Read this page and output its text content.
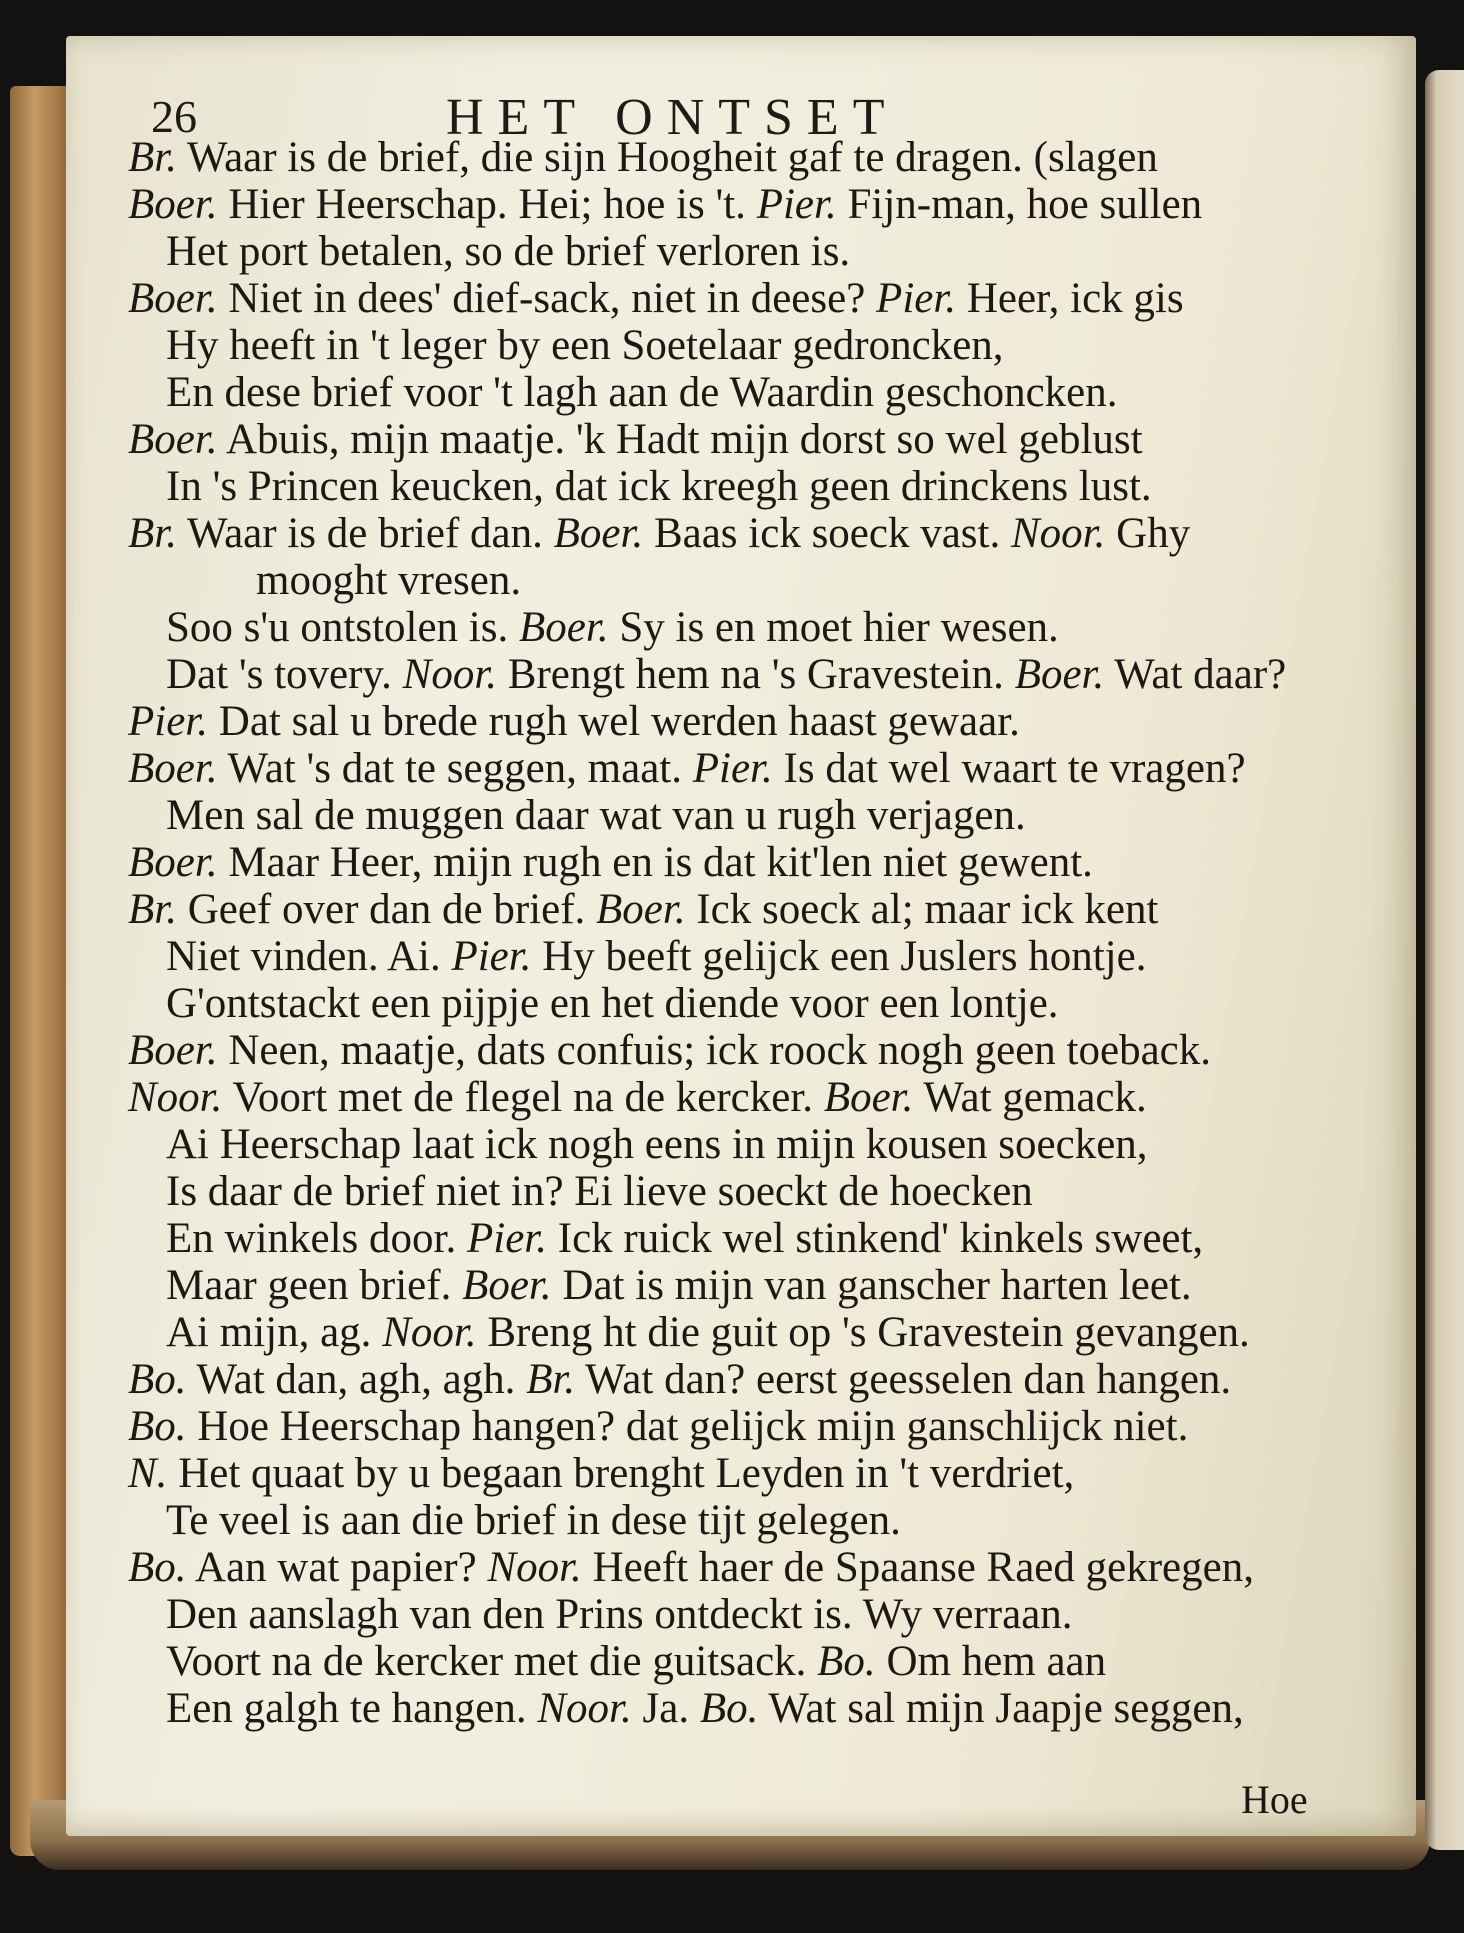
26	HET ONTSET
Br. Waar is de brief, die sijn Hoogheit gaf te dragen. (slagen
Boer. Hier Heerschap. Hei; hoe is 't. Pier. Fijn-man, hoe sullen
Het port betalen, so de brief verloren is.
Boer. Niet in dees' dief-sack, niet in deese? Pier. Heer, ick gis
Hy heeft in 't leger by een Soetelaar gedroncken,
En dese brief voor 't lagh aan de Waardin geschoncken.
Boer. Abuis, mijn maatje. 'k Hadt mijn dorst so wel geblust
In 's Princen keucken, dat ick kreegh geen drinckens lust.
Br. Waar is de brief dan. Boer. Baas ick soeck vast. Noor. Ghy
mooght vresen.
Soo s'u ontstolen is. Boer. Sy is en moet hier wesen.
Dat 's tovery. Noor. Brengt hem na 's Gravestein. Boer. Wat daar?
Pier. Dat sal u brede rugh wel werden haast gewaar.
Boer. Wat 's dat te seggen, maat. Pier. Is dat wel waart te vragen?
Men sal de muggen daar wat van u rugh verjagen.
Boer. Maar Heer, mijn rugh en is dat kit'len niet gewent.
Br. Geef over dan de brief. Boer. Ick soeck al; maar ick kent
Niet vinden. Ai. Pier. Hy beeft gelijck een Juslers hontje.
G'ontstackt een pijpje en het diende voor een lontje.
Boer. Neen, maatje, dats confuis; ick roock nogh geen toeback.
Noor. Voort met de flegel na de kercker. Boer. Wat gemack.
Ai Heerschap laat ick nogh eens in mijn kousen soecken,
Is daar de brief niet in? Ei lieve soeckt de hoecken
En winkels door. Pier. Ick ruick wel stinkend' kinkels sweet,
Maar geen brief. Boer. Dat is mijn van ganscher harten leet.
Ai mijn, ag. Noor. Breng ht die guit op 's Gravestein gevangen.
Bo. Wat dan, agh, agh. Br. Wat dan? eerst geesselen dan hangen.
Bo. Hoe Heerschap hangen? dat gelijck mijn ganschlijck niet.
N. Het quaat by u begaan brenght Leyden in 't verdriet,
Te veel is aan die brief in dese tijt gelegen.
Bo. Aan wat papier? Noor. Heeft haer de Spaanse Raed gekregen,
Den aanslagh van den Prins ontdeckt is. Wy verraan.
Voort na de kercker met die guitsack. Bo. Om hem aan
Een galgh te hangen. Noor. Ja. Bo. Wat sal mijn Jaapje seggen,
Hoe
